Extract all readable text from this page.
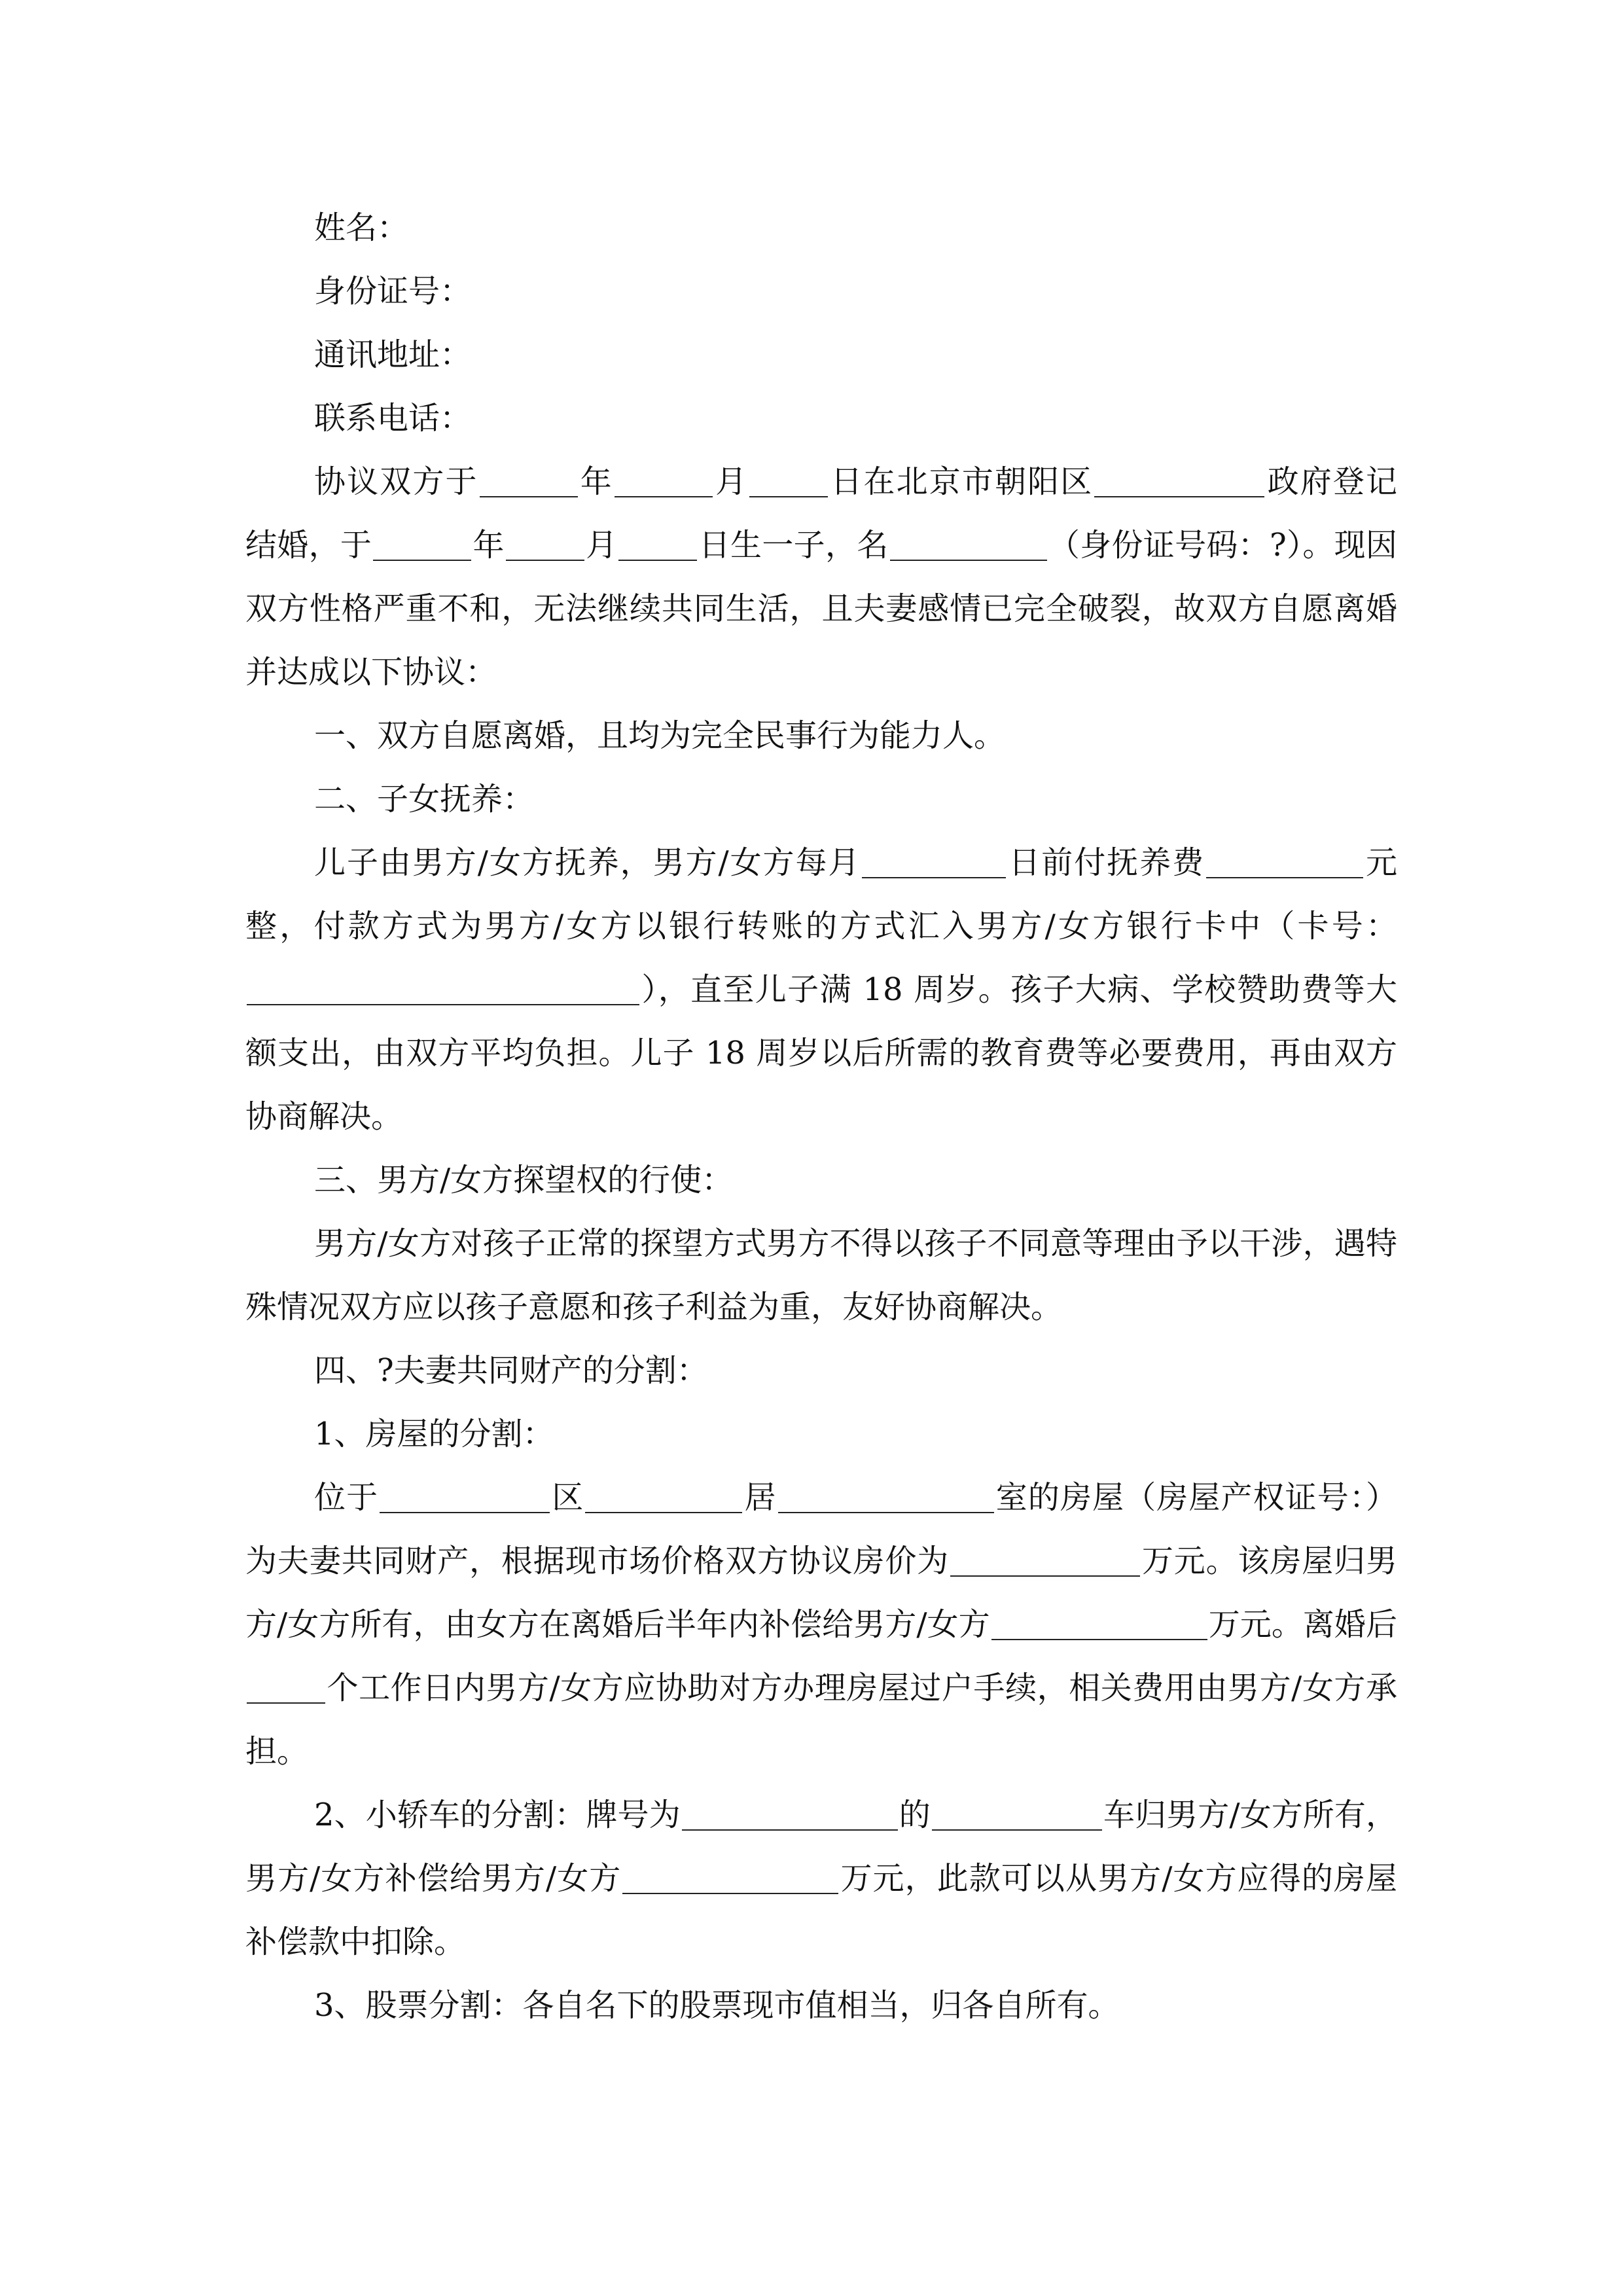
姓名：

身份证号：

通讯地址：

联系电话：

协议双方于	年	月	日在北京市朝阳区	政府登记结婚，于	年	月	日生一子，名	（身份证号码：?）。现因双方性格严重不和，无法继续共同生活，且夫妻感情已完全破裂，故双方自愿离婚并达成以下协议：

一、双方自愿离婚，且均为完全民事行为能力人。

二、子女抚养：

儿子由男方/女方抚养，男方/女方每月	日前付抚养费	元整，付款方式为男方/女方以银行转账的方式汇入男方/女方银行卡中（卡号：），直至儿子满 18 周岁。孩子大病、学校赞助费等大额支出，由双方平均负担。儿子 18 周岁以后所需的教育费等必要费用，再由双方协商解决。

三、男方/女方探望权的行使：

男方/女方对孩子正常的探望方式男方不得以孩子不同意等理由予以干涉，遇特殊情况双方应以孩子意愿和孩子利益为重，友好协商解决。

四、?夫妻共同财产的分割：

1、房屋的分割：

位于	区	居	室的房屋（房屋产权证号：）为夫妻共同财产，根据现市场价格双方协议房价为	万元。该房屋归男方/女方所有，由女方在离婚后半年内补偿给男方/女方	万元。离婚后个工作日内男方/女方应协助对方办理房屋过户手续，相关费用由男方/女方承担。

2、小轿车的分割：牌号为	的	车归男方/女方所有，男方/女方补偿给男方/女方	万元，此款可以从男方/女方应得的房屋补偿款中扣除。

3、股票分割：各自名下的股票现市值相当，归各自所有。
